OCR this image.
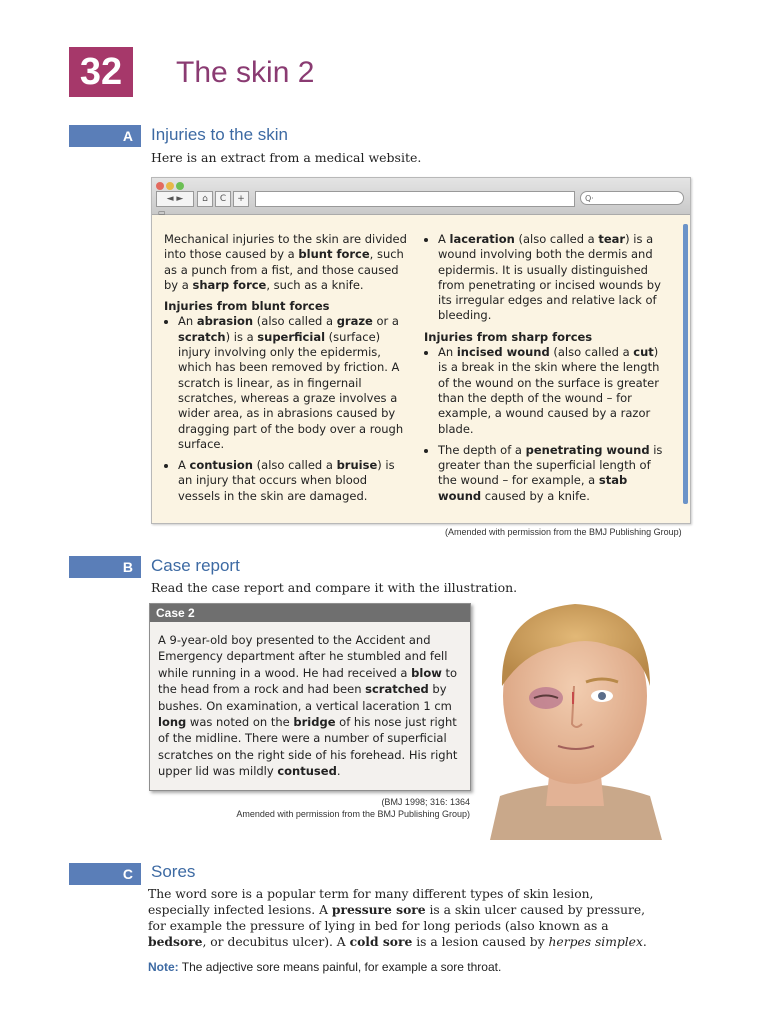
32	The skin 2
A	Injuries to the skin
Here is an extract from a medical website.
◄ ►	⌂	C	+	Q·
▭

Mechanical injuries to the skin are divided into those caused by a blunt force, such as a punch from a fist, and those caused by a sharp force, such as a knife.

Injuries from blunt forces

• An abrasion (also called a graze or a scratch) is a superficial (surface) injury involving only the epidermis, which has been removed by friction. A scratch is linear, as in fingernail scratches, whereas a graze involves a wider area, as in abrasions caused by dragging part of the body over a rough surface.
• A contusion (also called a bruise) is an injury that occurs when blood vessels in the skin are damaged.
• A laceration (also called a tear) is a wound involving both the dermis and epidermis. It is usually distinguished from penetrating or incised wounds by its irregular edges and relative lack of bleeding.

Injuries from sharp forces

• An incised wound (also called a cut) is a break in the skin where the length of the wound on the surface is greater than the depth of the wound – for example, a wound caused by a razor blade.
• The depth of a penetrating wound is greater than the superficial length of the wound – for example, a stab wound caused by a knife.
(Amended with permission from the BMJ Publishing Group)
B	Case report
Read the case report and compare it with the illustration.
Case 2
A 9-year-old boy presented to the Accident and Emergency department after he stumbled and fell while running in a wood. He had received a blow to the head from a rock and had been scratched by bushes. On examination, a vertical laceration 1 cm long was noted on the bridge of his nose just right of the midline. There were a number of superficial scratches on the right side of his forehead. His right upper lid was mildly contused.
(BMJ 1998; 316: 1364
Amended with permission from the BMJ Publishing Group)
C	Sores
The word sore is a popular term for many different types of skin lesion, especially infected lesions. A pressure sore is a skin ulcer caused by pressure, for example the pressure of lying in bed for long periods (also known as a bedsore, or decubitus ulcer). A cold sore is a lesion caused by herpes simplex.
Note: The adjective sore means painful, for example a sore throat.
